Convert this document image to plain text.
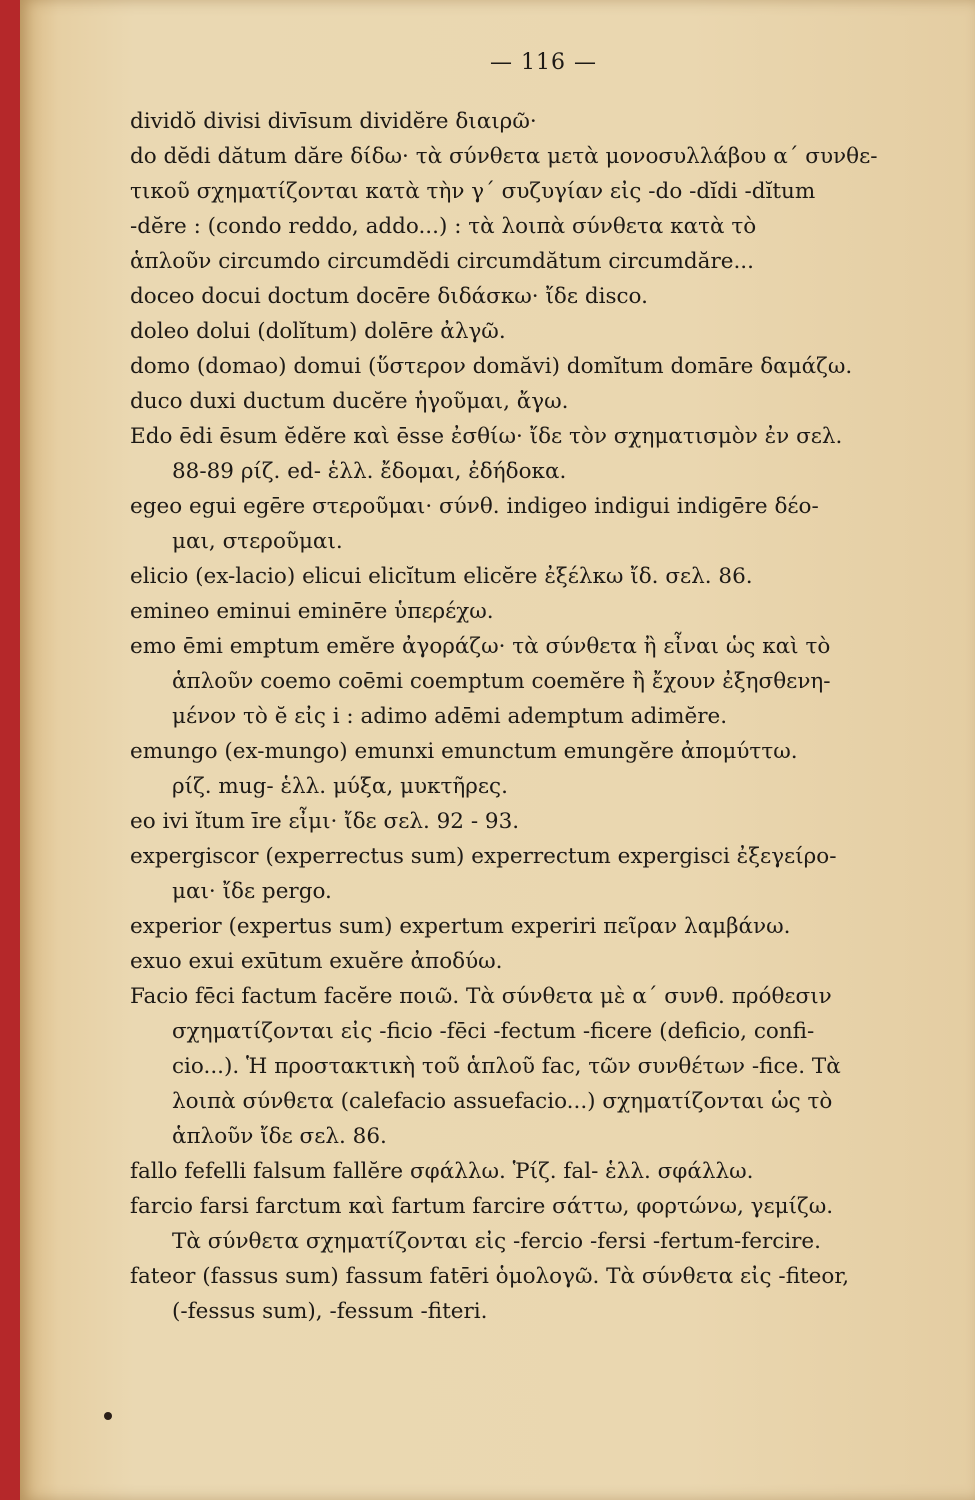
— 116 —
dividŏ divisi divīsum dividĕre διαιρῶ·
do dĕdi dătum dăre δίδω· τὰ σύνθετα μετὰ μονοσυλλάβου α΄ συνθε-
τικοῦ σχηματίζονται κατὰ τὴν γ΄ συζυγίαν εἰς -do -dĭdi -dĭtum
-dĕre : (condo reddo, addo...) : τὰ λοιπὰ σύνθετα κατὰ τὸ
ἁπλοῦν circumdo circumdĕdi circumdătum circumdăre...
doceo docui doctum docēre διδάσκω· ἴδε disco.
doleo dolui (dolĭtum) dolēre ἀλγῶ.
domo (domao) domui (ὕστερον domăvi) domĭtum domāre δαμάζω.
duco duxi ductum ducĕre ἡγοῦμαι, ἄγω.
Edo ēdi ēsum ĕdĕre καὶ ēsse ἐσθίω· ἴδε τὸν σχηματισμὸν ἐν σελ.
88-89 ρίζ. ed- ἑλλ. ἔδομαι, ἐδήδοκα.
egeo egui egēre στεροῦμαι· σύνθ. indigeo indigui indigēre δέο-
μαι, στεροῦμαι.
elicio (ex-lacio) elicui elicĭtum elicĕre ἐξέλκω ἴδ. σελ. 86.
emineo eminui eminēre ὑπερέχω.
emo ēmi emptum emĕre ἀγοράζω· τὰ σύνθετα ἢ εἶναι ὡς καὶ τὸ
ἁπλοῦν coemo coēmi coemptum coemĕre ἢ ἔχουν ἐξησθενη-
μένον τὸ ĕ εἰς i : adimo adēmi ademptum adimĕre.
emungo (ex-mungo) emunxi emunctum emungĕre ἀπομύττω.
ρίζ. mug- ἑλλ. μύξα, μυκτῆρες.
eo ivi ĭtum īre εἶμι· ἴδε σελ. 92 - 93.
expergiscor (experrectus sum) experrectum expergisci ἐξεγείρο-
μαι· ἴδε pergo.
experior (expertus sum) expertum experiri πεῖραν λαμβάνω.
exuo exui exūtum exuĕre ἀποδύω.
Facio fēci factum facĕre ποιῶ. Τὰ σύνθετα μὲ α΄ συνθ. πρόθεσιν
σχηματίζονται εἰς -ficio -fēci -fectum -ficere (deficio, confi-
cio...). Ἡ προστακτικὴ τοῦ ἁπλοῦ fac, τῶν συνθέτων -fice. Τὰ
λοιπὰ σύνθετα (calefacio assuefacio...) σχηματίζονται ὡς τὸ
ἁπλοῦν ἴδε σελ. 86.
fallo fefelli falsum fallĕre σφάλλω. Ῥίζ. fal- ἑλλ. σφάλλω.
farcio farsi farctum καὶ fartum farcire σάττω, φορτώνω, γεμίζω.
Τὰ σύνθετα σχηματίζονται εἰς -fercio -fersi -fertum-fercire.
fateor (fassus sum) fassum fatēri ὁμολογῶ. Τὰ σύνθετα εἰς -fiteor,
(-fessus sum), -fessum -fiteri.
